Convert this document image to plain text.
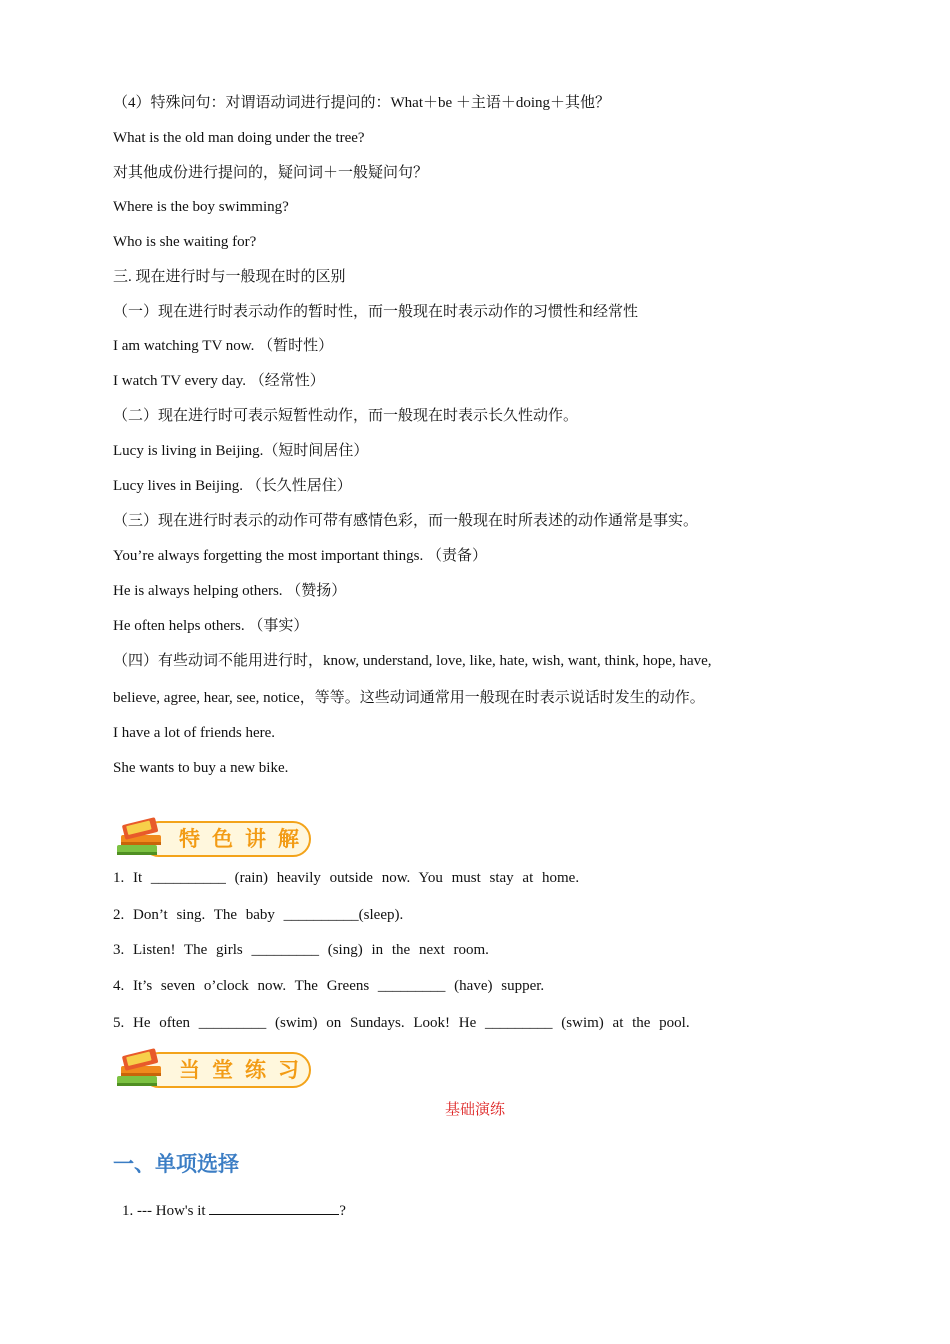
（4）特殊问句：对谓语动词进行提问的：What＋be ＋主语＋doing＋其他？
What is the old man doing under the tree?
对其他成份进行提问的，疑问词＋一般疑问句？
Where is the boy swimming?
Who is she waiting for?
三. 现在进行时与一般现在时的区别
（一）现在进行时表示动作的暂时性，而一般现在时表示动作的习惯性和经常性
I am watching TV now. （暂时性）
I watch TV every day. （经常性）
（二）现在进行时可表示短暂性动作，而一般现在时表示长久性动作。
Lucy is living in Beijing.（短时间居住）
Lucy lives in Beijing. （长久性居住）
（三）现在进行时表示的动作可带有感情色彩，而一般现在时所表述的动作通常是事实。
You’re always forgetting the most important things. （责备）
He is always helping others. （赞扬）
He often helps others. （事实）
（四）有些动词不能用进行时，know, understand, love, like, hate, wish, want, think, hope, have,
believe, agree, hear, see, notice，等等。这些动词通常用一般现在时表示说话时发生的动作。
I have a lot of friends here.
She wants to buy a new bike.
特色讲解
1. It __________ (rain) heavily outside now. You must stay at home.
2. Don’t sing. The baby __________(sleep).
3. Listen! The girls _________ (sing) in the next room.
4. It’s seven o’clock now. The Greens _________ (have) supper.
5. He often _________ (swim) on Sundays. Look! He _________ (swim) at the pool.
当堂练习
基础演练
一、单项选择
1. --- How's it	?
